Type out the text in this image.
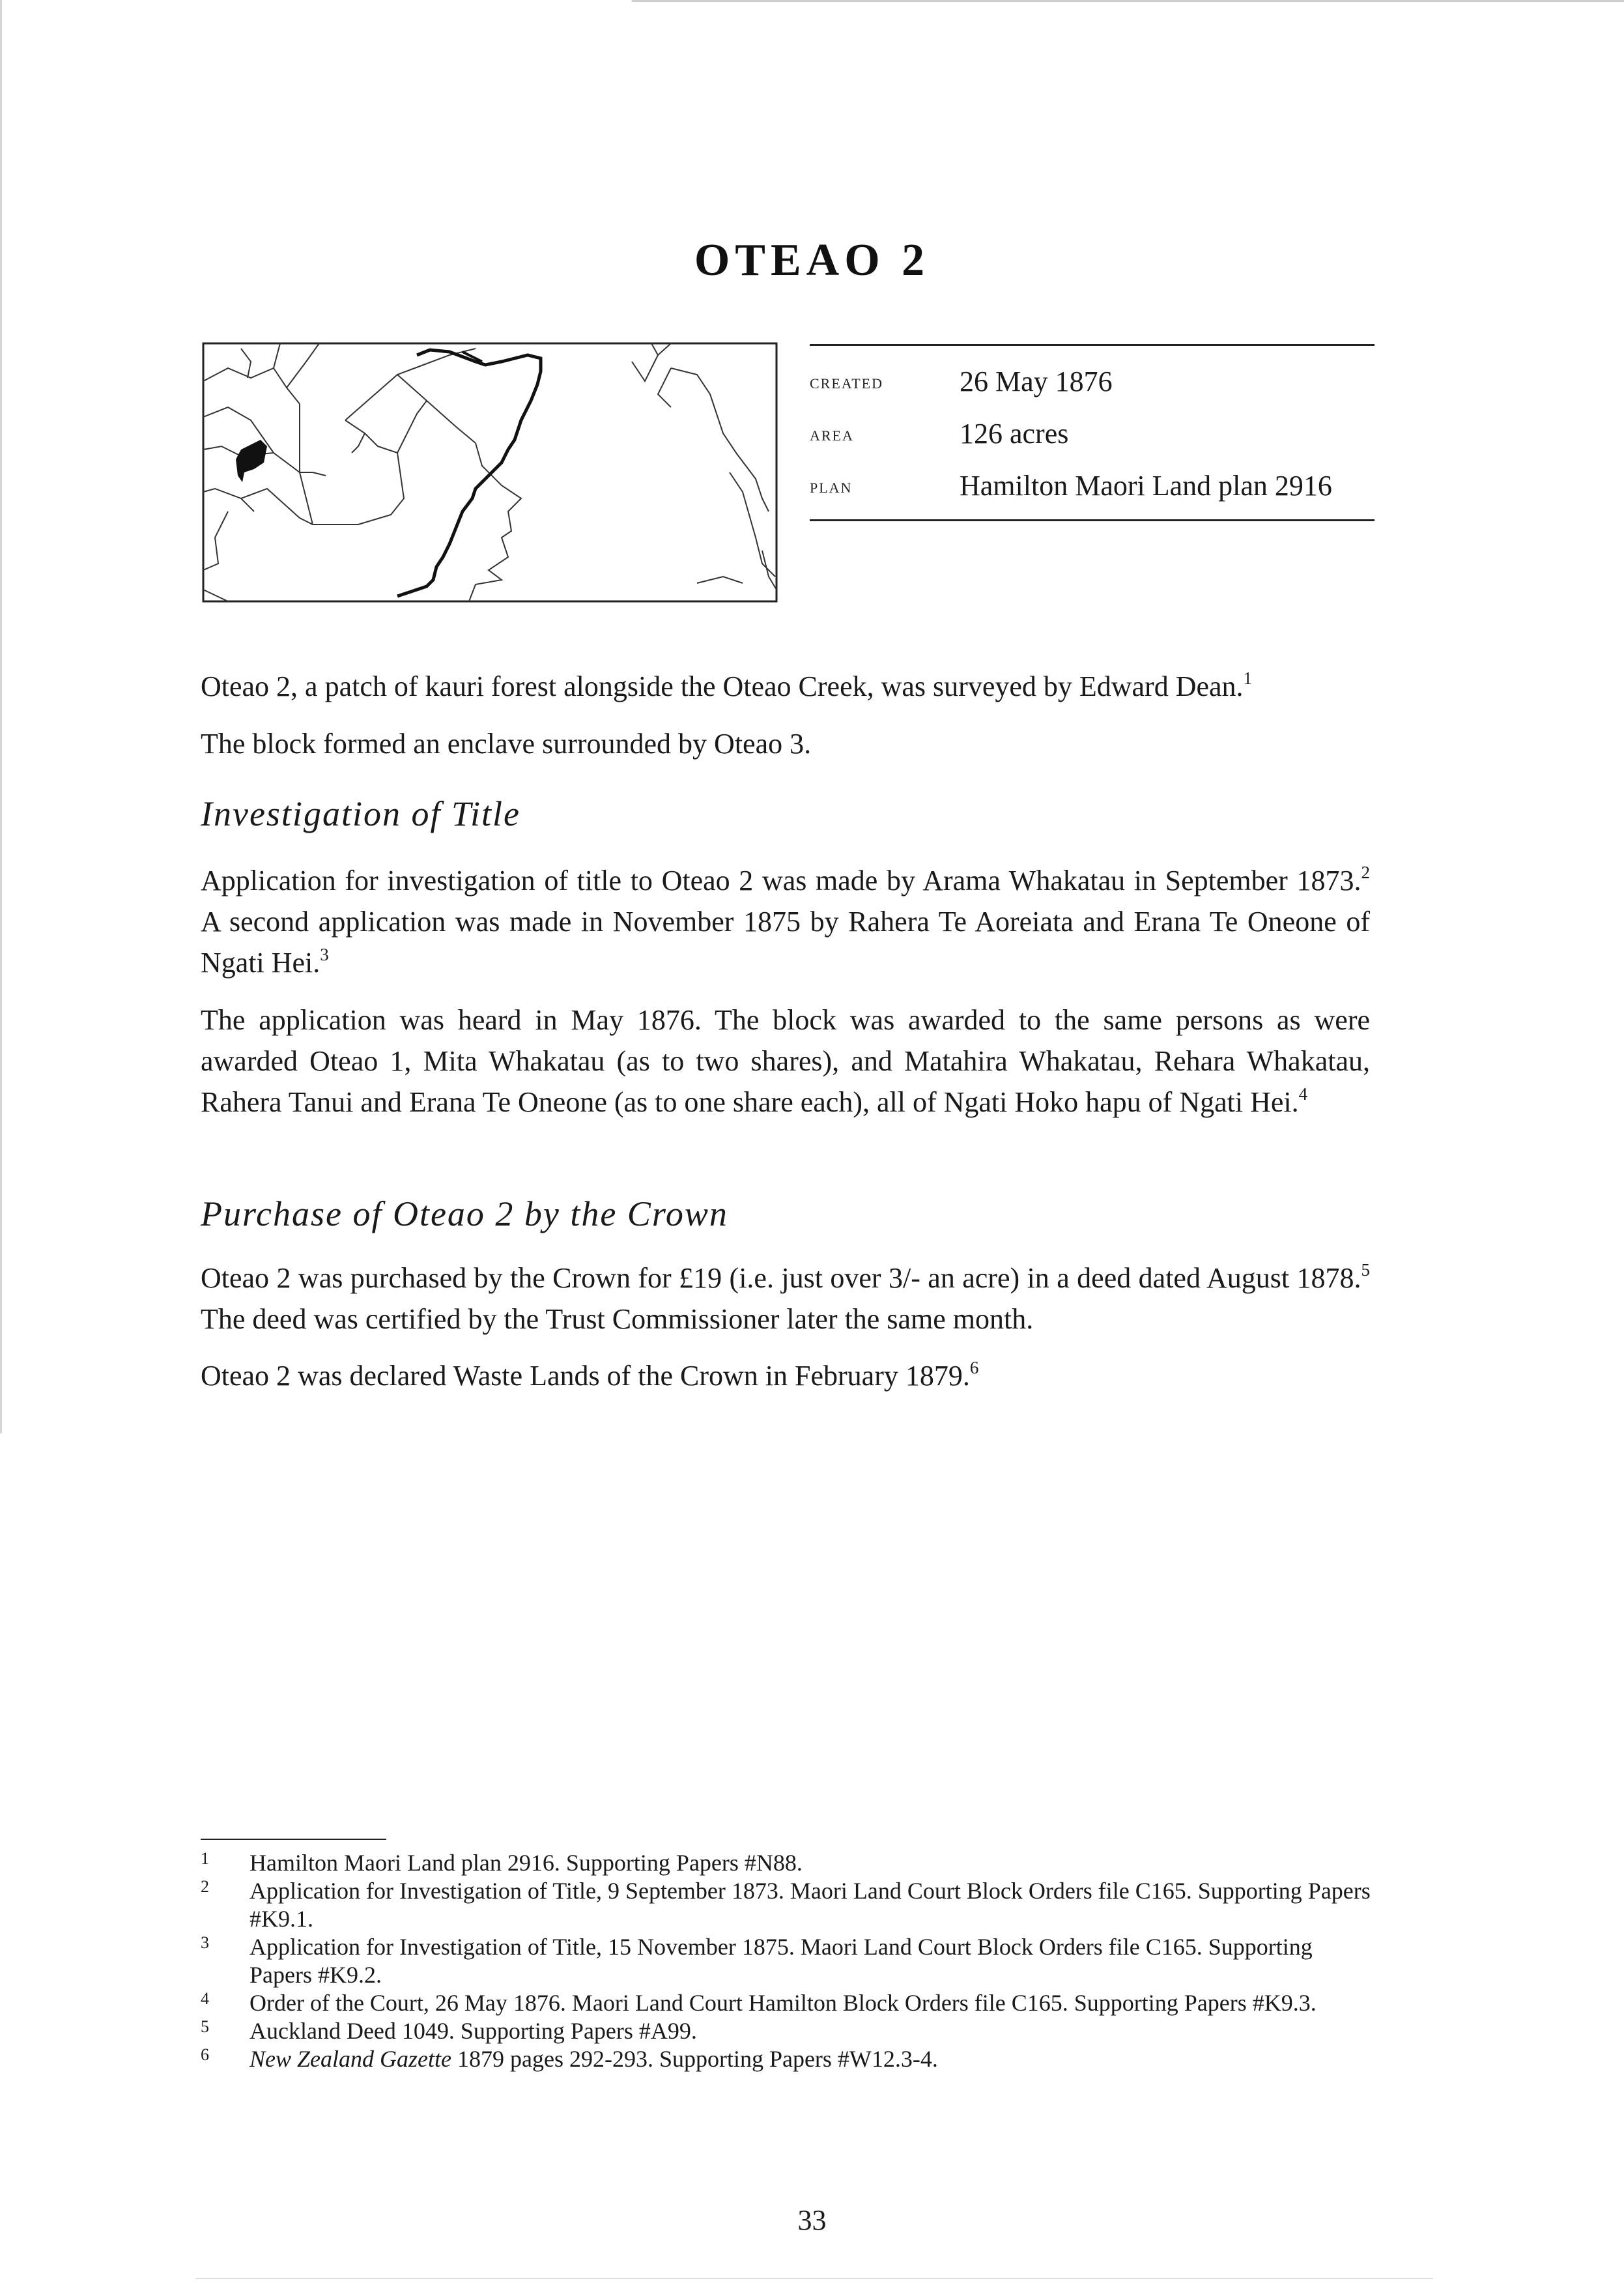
OTEAO 2
created	26 May 1876
area	126 acres
plan	Hamilton Maori Land plan 2916

Oteao 2, a patch of kauri forest alongside the Oteao Creek, was surveyed by Edward Dean.$^1$

The block formed an enclave surrounded by Oteao 3.

Investigation of Title

Application for investigation of title to Oteao 2 was made by Arama Whakatau in September 1873.$^2$ A second application was made in November 1875 by Rahera Te Aoreiata and Erana Te Oneone of Ngati Hei.$^3$

The application was heard in May 1876. The block was awarded to the same persons as were awarded Oteao 1, Mita Whakatau (as to two shares), and Matahira Whakatau, Rehara Whakatau, Rahera Tanui and Erana Te Oneone (as to one share each), all of Ngati Hoko hapu of Ngati Hei.$^4$

Purchase of Oteao 2 by the Crown

Oteao 2 was purchased by the Crown for £19 (i.e. just over 3/- an acre) in a deed dated August 1878.$^5$ The deed was certified by the Trust Commissioner later the same month.

Oteao 2 was declared Waste Lands of the Crown in February 1879.$^6$

1	Hamilton Maori Land plan 2916. Supporting Papers #N88.
2	Application for Investigation of Title, 9 September 1873. Maori Land Court Block Orders file C165. Supporting Papers #K9.1.
3	Application for Investigation of Title, 15 November 1875. Maori Land Court Block Orders file C165. Supporting Papers #K9.2.
4	Order of the Court, 26 May 1876. Maori Land Court Hamilton Block Orders file C165. Supporting Papers #K9.3.
5	Auckland Deed 1049. Supporting Papers #A99.
6	New Zealand Gazette 1879 pages 292-293. Supporting Papers #W12.3-4.
33
